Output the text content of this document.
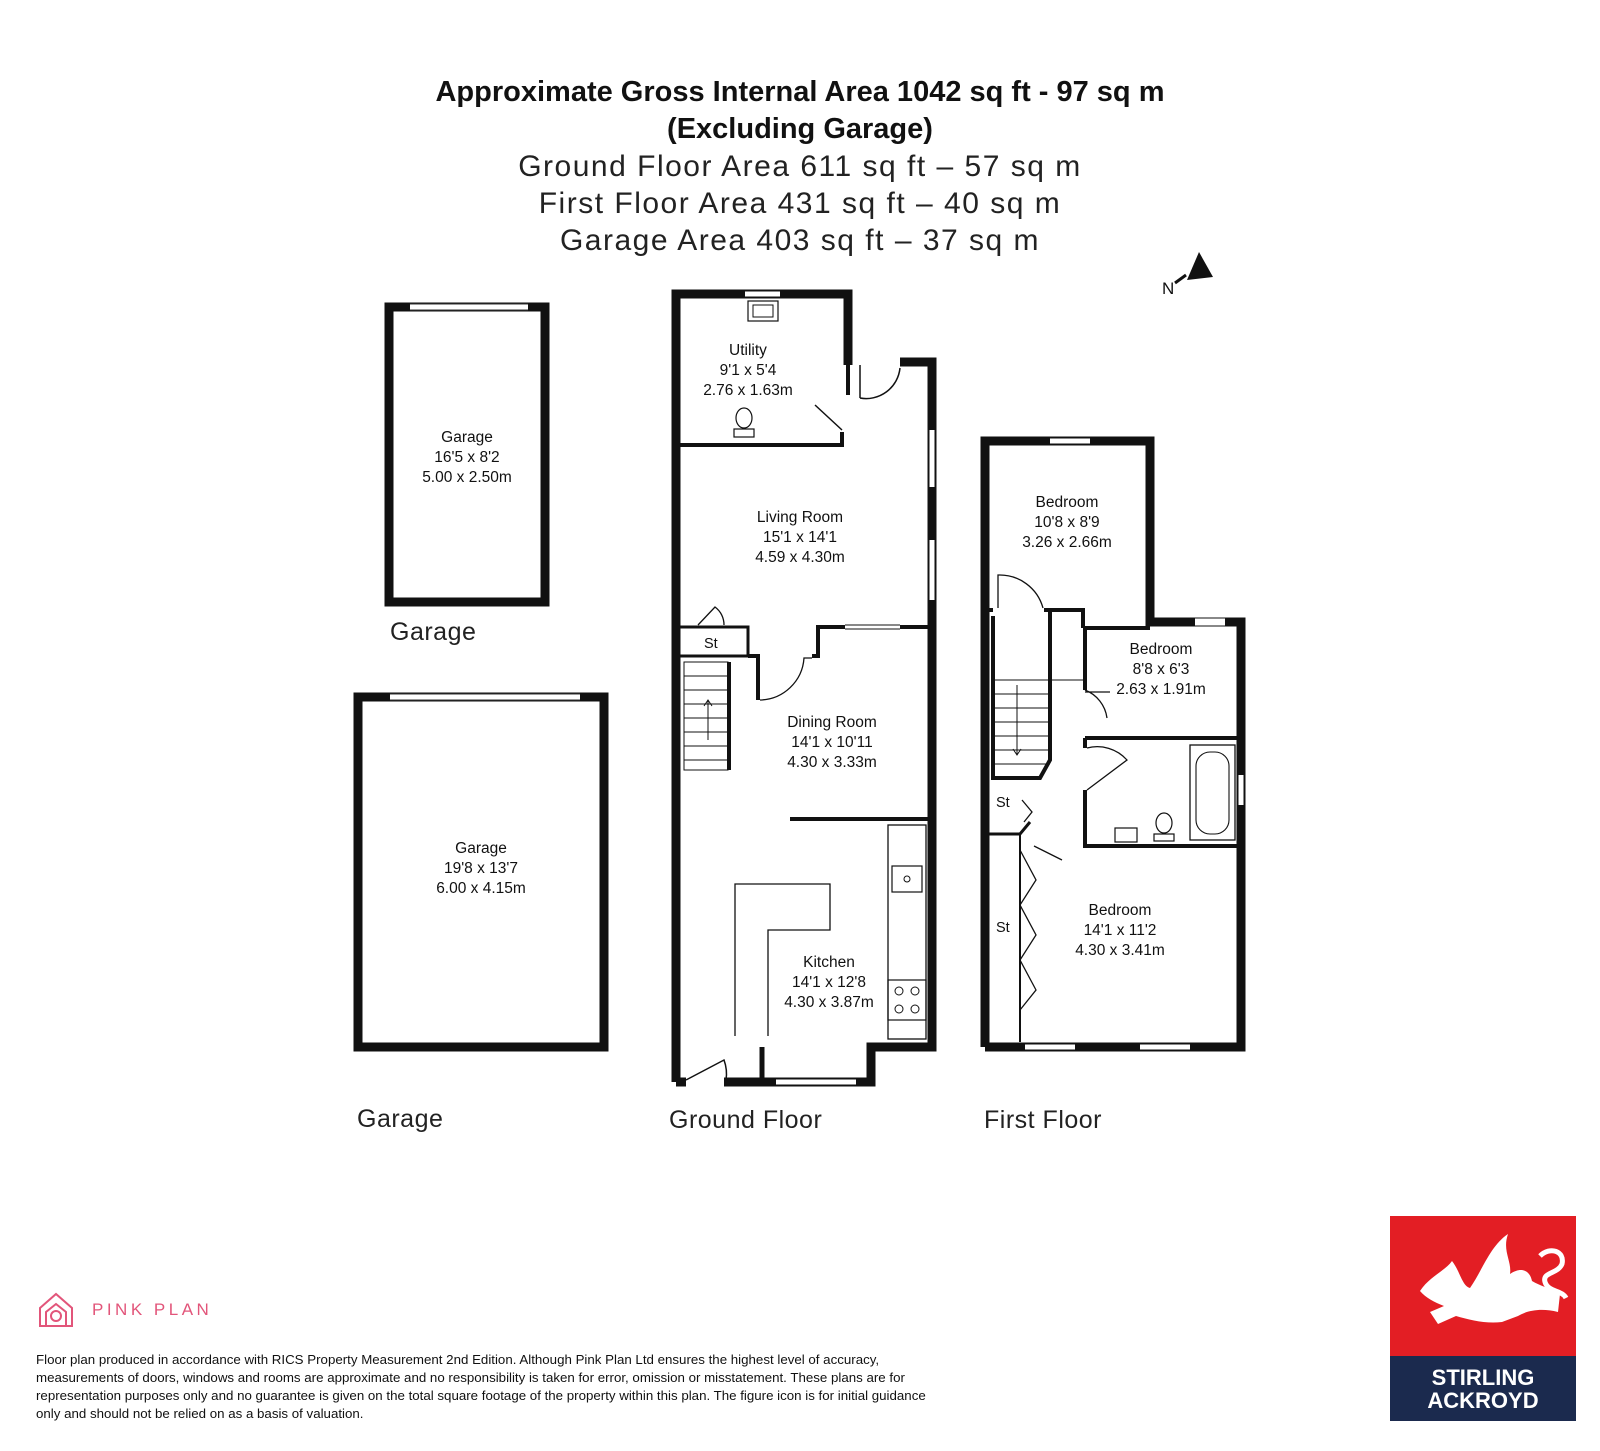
Approximate Gross Internal Area 1042 sq ft - 97 sq m
(Excluding Garage)
Ground Floor Area 611 sq ft – 57 sq m
First Floor Area 431 sq ft – 40 sq m
Garage Area 403 sq ft – 37 sq m
N
Garage
16'5 x 8'2
5.00 x 2.50m
Garage
Garage
19'8 x 13'7
6.00 x 4.15m
Garage
Utility
9'1 x 5'4
2.76 x 1.63m
Living Room
15'1 x 14'1
4.59 x 4.30m
St
Dining Room
14'1 x 10'11
4.30 x 3.33m
Kitchen
14'1 x 12'8
4.30 x 3.87m
Ground Floor
Bedroom
10'8 x 8'9
3.26 x 2.66m
Bedroom
8'8 x 6'3
2.63 x 1.91m
Bedroom
14'1 x 11'2
4.30 x 3.41m
St
St
First Floor
PINK PLAN
Floor plan produced in accordance with RICS Property Measurement 2nd Edition. Although Pink Plan Ltd ensures the highest level of accuracy, measurements of doors, windows and rooms are approximate and no responsibility is taken for error, omission or misstatement. These plans are for representation purposes only and no guarantee is given on the total square footage of the property within this plan. The figure icon is for initial guidance only and should not be relied on as a basis of valuation.
STIRLING
ACKROYD
